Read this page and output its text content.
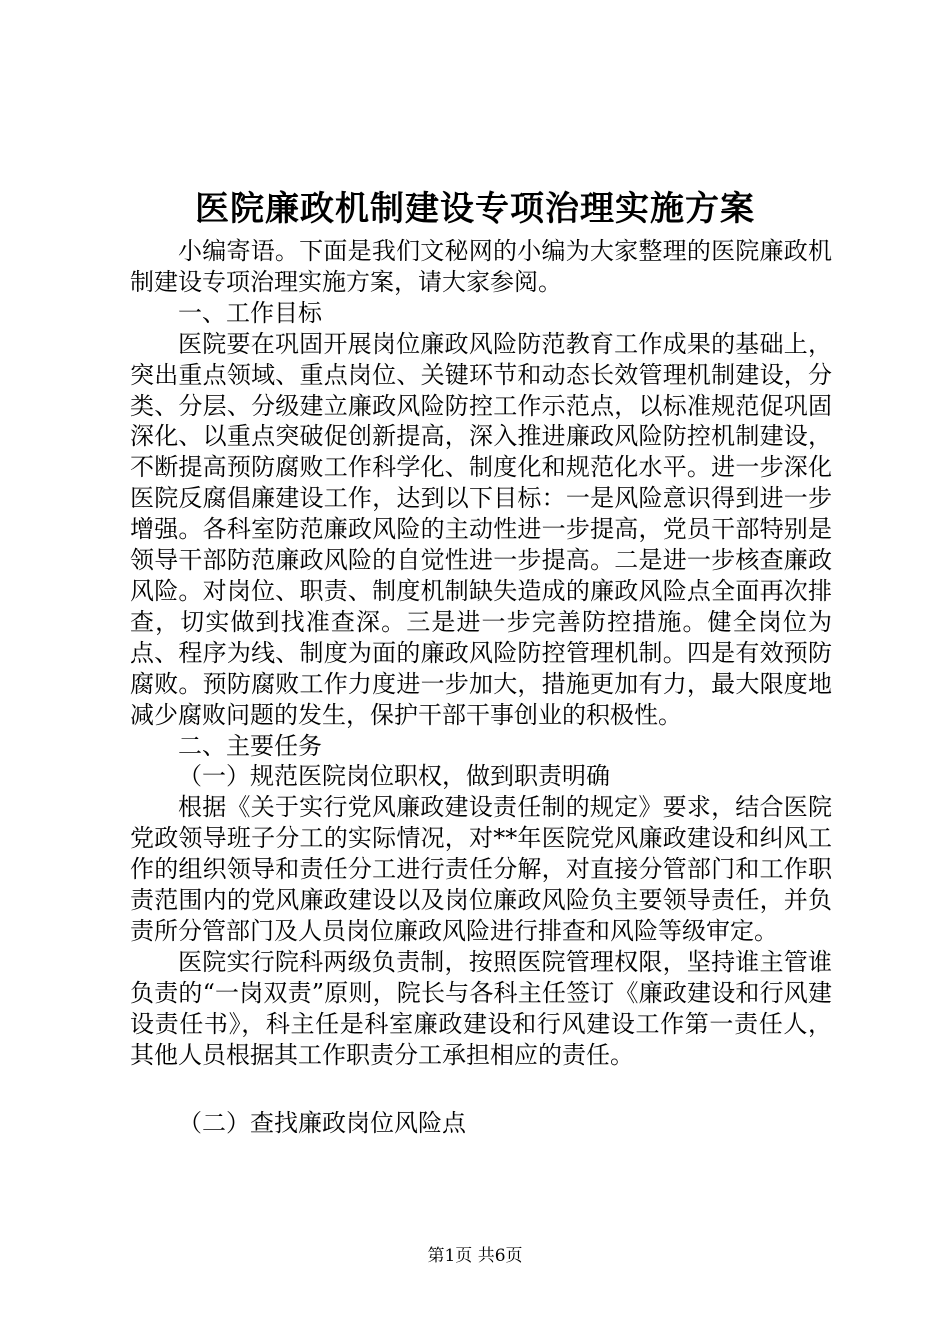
医院廉政机制建设专项治理实施方案

小编寄语。下面是我们文秘网的小编为大家整理的医院廉政机制建设专项治理实施方案，请大家参阅。

一、工作目标

医院要在巩固开展岗位廉政风险防范教育工作成果的基础上，突出重点领域、重点岗位、关键环节和动态长效管理机制建设，分类、分层、分级建立廉政风险防控工作示范点，以标准规范促巩固深化、以重点突破促创新提高，深入推进廉政风险防控机制建设，不断提高预防腐败工作科学化、制度化和规范化水平。进一步深化医院反腐倡廉建设工作，达到以下目标：一是风险意识得到进一步增强。各科室防范廉政风险的主动性进一步提高，党员干部特别是领导干部防范廉政风险的自觉性进一步提高。二是进一步核查廉政风险。对岗位、职责、制度机制缺失造成的廉政风险点全面再次排查，切实做到找准查深。三是进一步完善防控措施。健全岗位为点、程序为线、制度为面的廉政风险防控管理机制。四是有效预防腐败。预防腐败工作力度进一步加大，措施更加有力，最大限度地减少腐败问题的发生，保护干部干事创业的积极性。

二、主要任务

（一）规范医院岗位职权，做到职责明确

根据《关于实行党风廉政建设责任制的规定》要求，结合医院党政领导班子分工的实际情况，对**年医院党风廉政建设和纠风工作的组织领导和责任分工进行责任分解，对直接分管部门和工作职责范围内的党风廉政建设以及岗位廉政风险负主要领导责任，并负责所分管部门及人员岗位廉政风险进行排查和风险等级审定。

医院实行院科两级负责制，按照医院管理权限，坚持谁主管谁负责的“一岗双责”原则，院长与各科主任签订《廉政建设和行风建设责任书》，科主任是科室廉政建设和行风建设工作第一责任人，其他人员根据其工作职责分工承担相应的责任。

（二）查找廉政岗位风险点

第1页 共6页
